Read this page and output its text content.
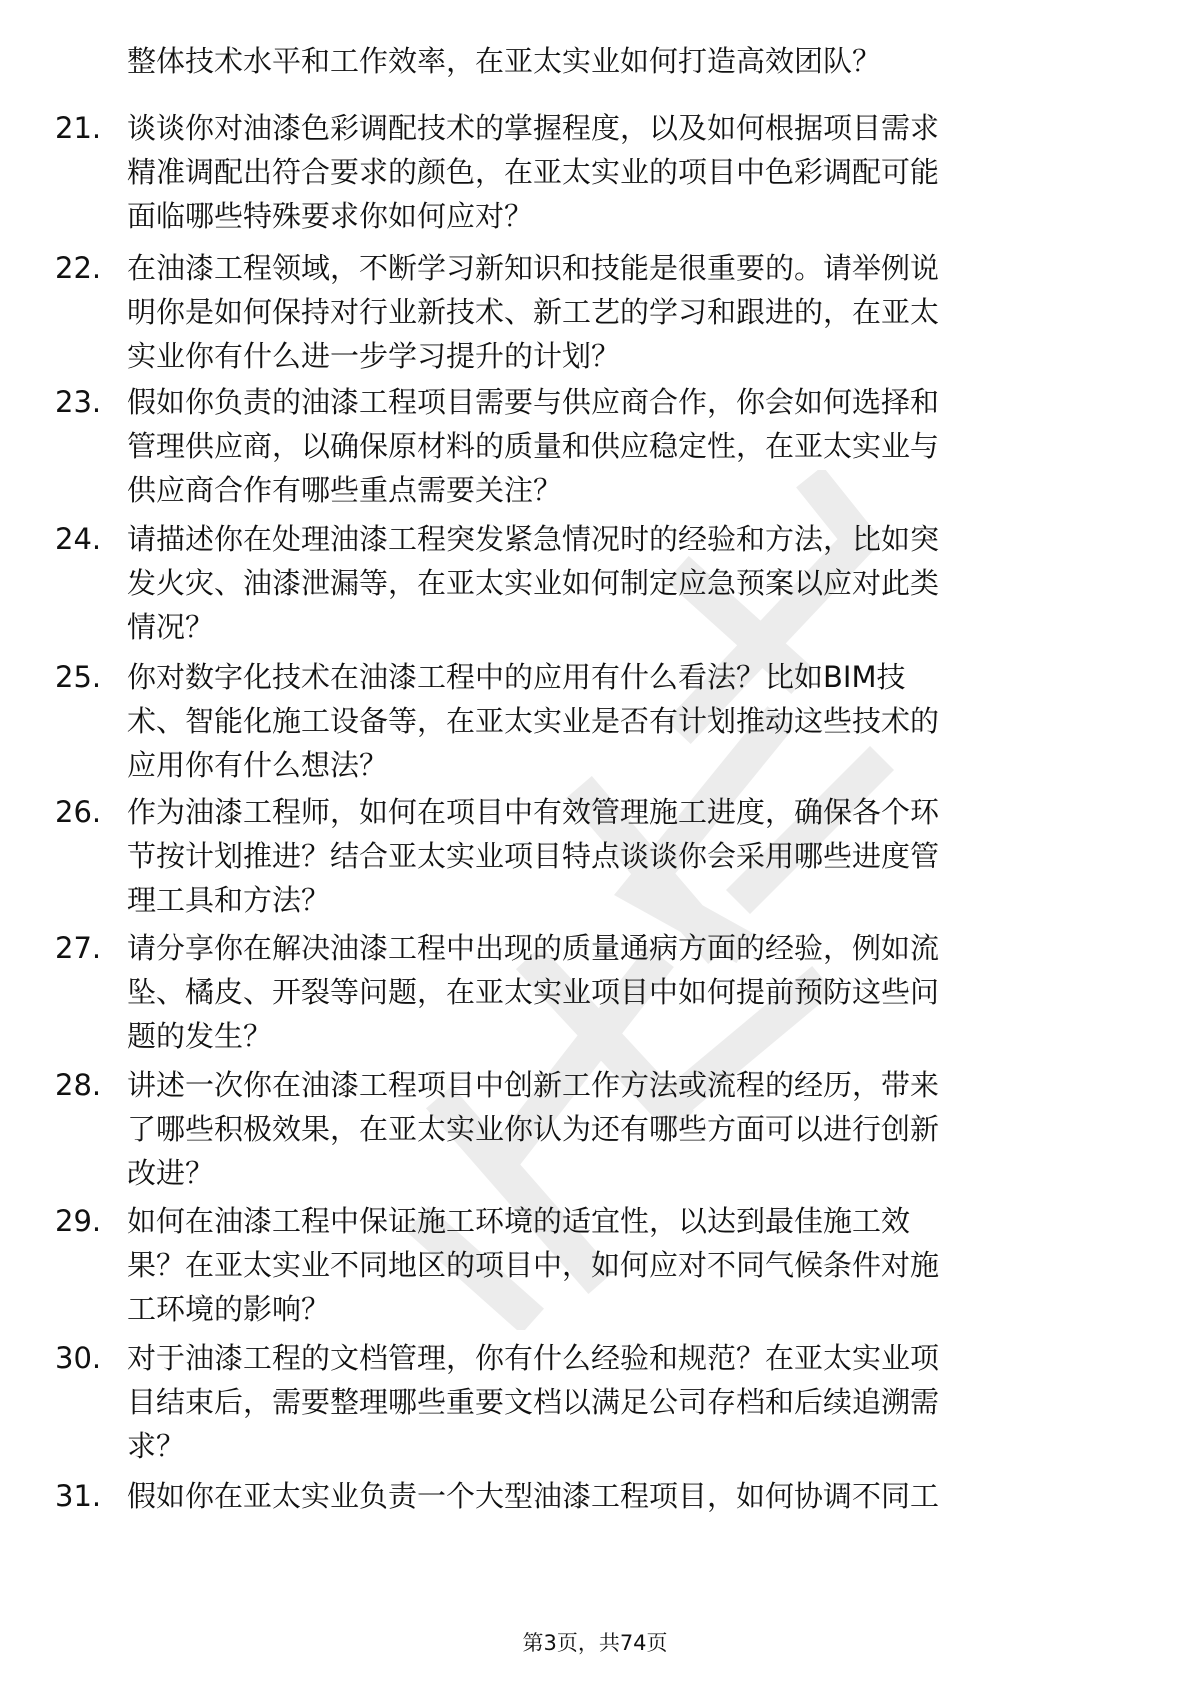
整体技术水平和工作效率，在亚太实业如何打造高效团队？
21. 谈谈你对油漆色彩调配技术的掌握程度，以及如何根据项目需求
精准调配出符合要求的颜色，在亚太实业的项目中色彩调配可能
面临哪些特殊要求你如何应对？
22. 在油漆工程领域，不断学习新知识和技能是很重要的。请举例说
明你是如何保持对行业新技术、新工艺的学习和跟进的，在亚太
实业你有什么进一步学习提升的计划？
23. 假如你负责的油漆工程项目需要与供应商合作，你会如何选择和
管理供应商，以确保原材料的质量和供应稳定性，在亚太实业与
供应商合作有哪些重点需要关注？
24. 请描述你在处理油漆工程突发紧急情况时的经验和方法，比如突
发火灾、油漆泄漏等，在亚太实业如何制定应急预案以应对此类
情况？
25. 你对数字化技术在油漆工程中的应用有什么看法？比如BIM技
术、智能化施工设备等，在亚太实业是否有计划推动这些技术的
应用你有什么想法？
26. 作为油漆工程师，如何在项目中有效管理施工进度，确保各个环
节按计划推进？结合亚太实业项目特点谈谈你会采用哪些进度管
理工具和方法？
27. 请分享你在解决油漆工程中出现的质量通病方面的经验，例如流
坠、橘皮、开裂等问题，在亚太实业项目中如何提前预防这些问
题的发生？
28. 讲述一次你在油漆工程项目中创新工作方法或流程的经历，带来
了哪些积极效果，在亚太实业你认为还有哪些方面可以进行创新
改进？
29. 如何在油漆工程中保证施工环境的适宜性，以达到最佳施工效
果？在亚太实业不同地区的项目中，如何应对不同气候条件对施
工环境的影响？
30. 对于油漆工程的文档管理，你有什么经验和规范？在亚太实业项
目结束后，需要整理哪些重要文档以满足公司存档和后续追溯需
求？
31. 假如你在亚太实业负责一个大型油漆工程项目，如何协调不同工
第3页，共74页
